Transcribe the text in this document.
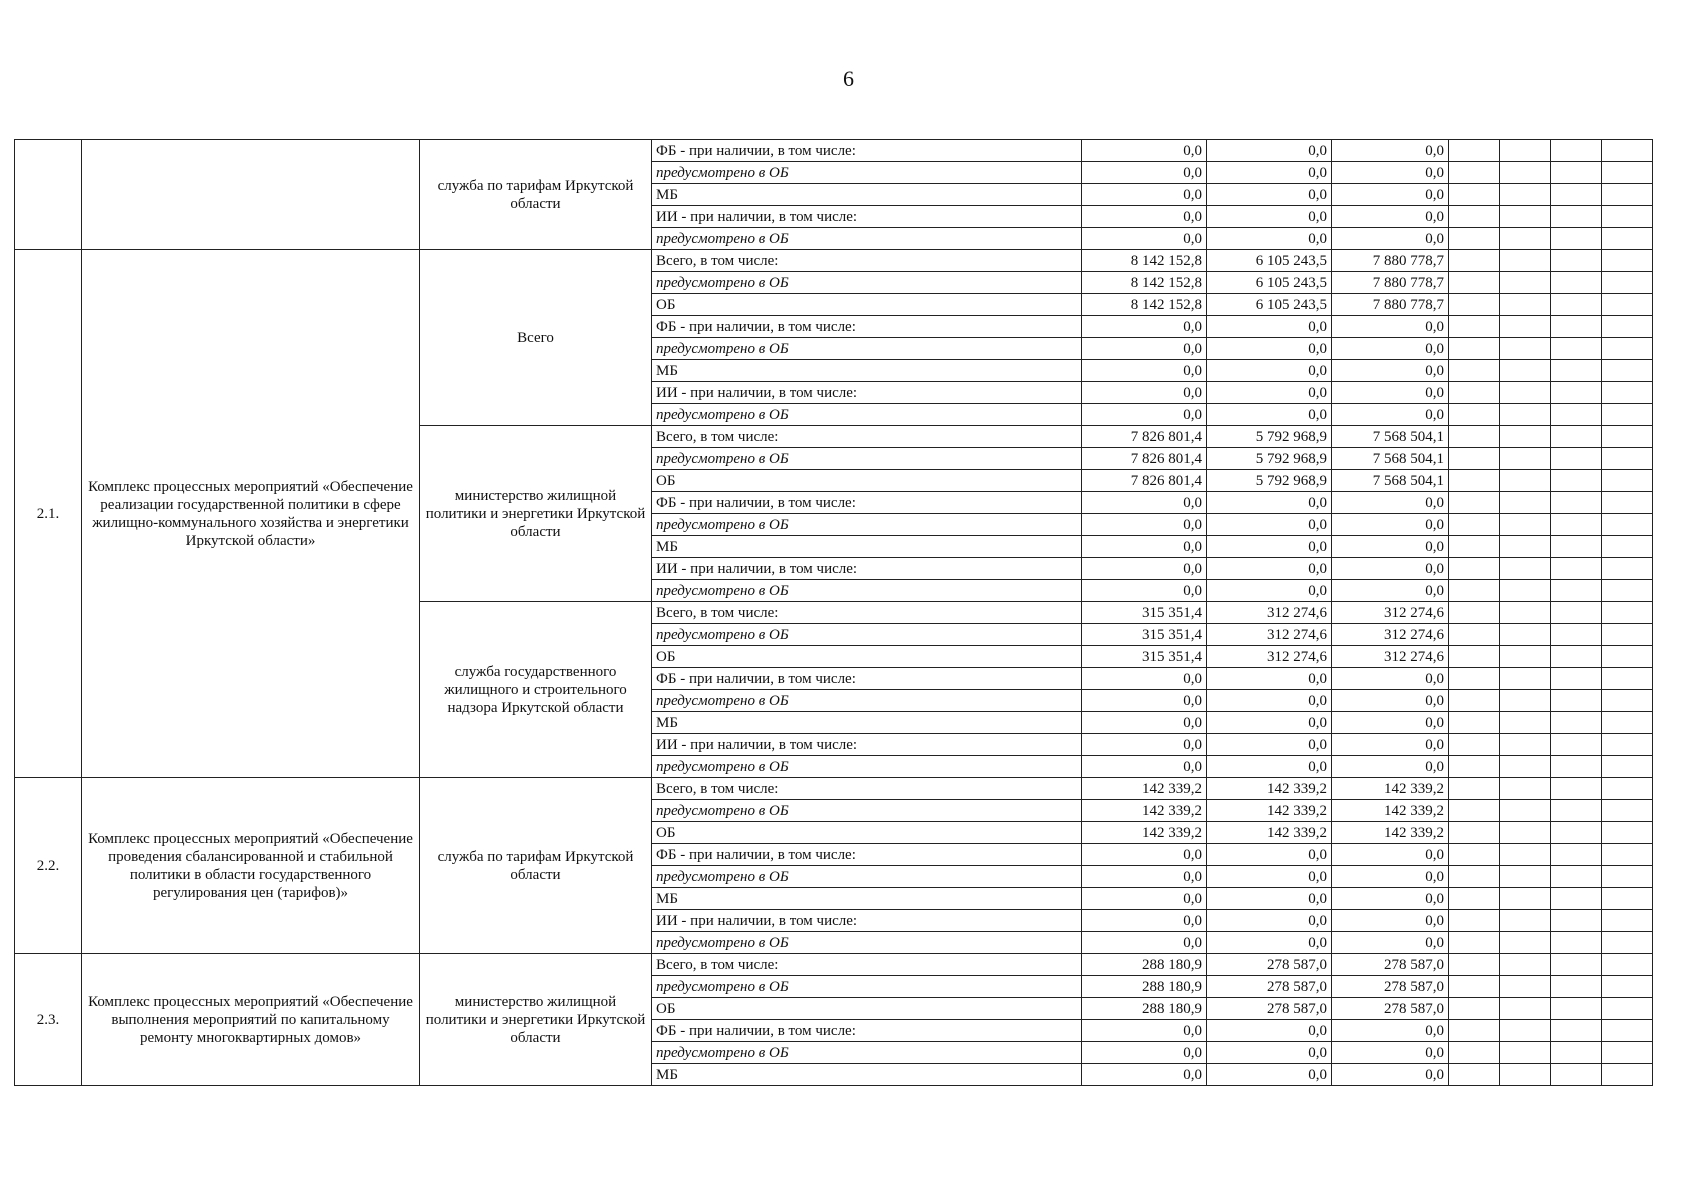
6
		служба по тарифам Иркутской области	ФБ - при наличии, в том числе:	0,0	0,0	0,0				
			предусмотрено в ОБ	0,0	0,0	0,0				
			МБ	0,0	0,0	0,0				
			ИИ - при наличии, в том числе:	0,0	0,0	0,0				
			предусмотрено в ОБ	0,0	0,0	0,0				
2.1.	Комплекс процессных мероприятий «Обеспечение реализации государственной политики в сфере жилищно-коммунального хозяйства и энергетики Иркутской области»	Всего	Всего, в том числе:	8 142 152,8	6 105 243,5	7 880 778,7				
			предусмотрено в ОБ	8 142 152,8	6 105 243,5	7 880 778,7				
			ОБ	8 142 152,8	6 105 243,5	7 880 778,7				
			ФБ - при наличии, в том числе:	0,0	0,0	0,0				
			предусмотрено в ОБ	0,0	0,0	0,0				
			МБ	0,0	0,0	0,0				
			ИИ - при наличии, в том числе:	0,0	0,0	0,0				
			предусмотрено в ОБ	0,0	0,0	0,0				
		министерство жилищной политики и энергетики Иркутской области	Всего, в том числе:	7 826 801,4	5 792 968,9	7 568 504,1				
			предусмотрено в ОБ	7 826 801,4	5 792 968,9	7 568 504,1				
			ОБ	7 826 801,4	5 792 968,9	7 568 504,1				
			ФБ - при наличии, в том числе:	0,0	0,0	0,0				
			предусмотрено в ОБ	0,0	0,0	0,0				
			МБ	0,0	0,0	0,0				
			ИИ - при наличии, в том числе:	0,0	0,0	0,0				
			предусмотрено в ОБ	0,0	0,0	0,0				
		служба государственного жилищного и строительного надзора Иркутской области	Всего, в том числе:	315 351,4	312 274,6	312 274,6				
			предусмотрено в ОБ	315 351,4	312 274,6	312 274,6				
			ОБ	315 351,4	312 274,6	312 274,6				
			ФБ - при наличии, в том числе:	0,0	0,0	0,0				
			предусмотрено в ОБ	0,0	0,0	0,0				
			МБ	0,0	0,0	0,0				
			ИИ - при наличии, в том числе:	0,0	0,0	0,0				
			предусмотрено в ОБ	0,0	0,0	0,0				
2.2.	Комплекс процессных мероприятий «Обеспечение проведения сбалансированной и стабильной политики в области государственного регулирования цен (тарифов)»	служба по тарифам Иркутской области	Всего, в том числе:	142 339,2	142 339,2	142 339,2				
			предусмотрено в ОБ	142 339,2	142 339,2	142 339,2				
			ОБ	142 339,2	142 339,2	142 339,2				
			ФБ - при наличии, в том числе:	0,0	0,0	0,0				
			предусмотрено в ОБ	0,0	0,0	0,0				
			МБ	0,0	0,0	0,0				
			ИИ - при наличии, в том числе:	0,0	0,0	0,0				
			предусмотрено в ОБ	0,0	0,0	0,0				
2.3.	Комплекс процессных мероприятий «Обеспечение выполнения мероприятий по капитальному ремонту многоквартирных домов»	министерство жилищной политики и энергетики Иркутской области	Всего, в том числе:	288 180,9	278 587,0	278 587,0				
			предусмотрено в ОБ	288 180,9	278 587,0	278 587,0				
			ОБ	288 180,9	278 587,0	278 587,0				
			ФБ - при наличии, в том числе:	0,0	0,0	0,0				
			предусмотрено в ОБ	0,0	0,0	0,0				
			МБ	0,0	0,0	0,0				
